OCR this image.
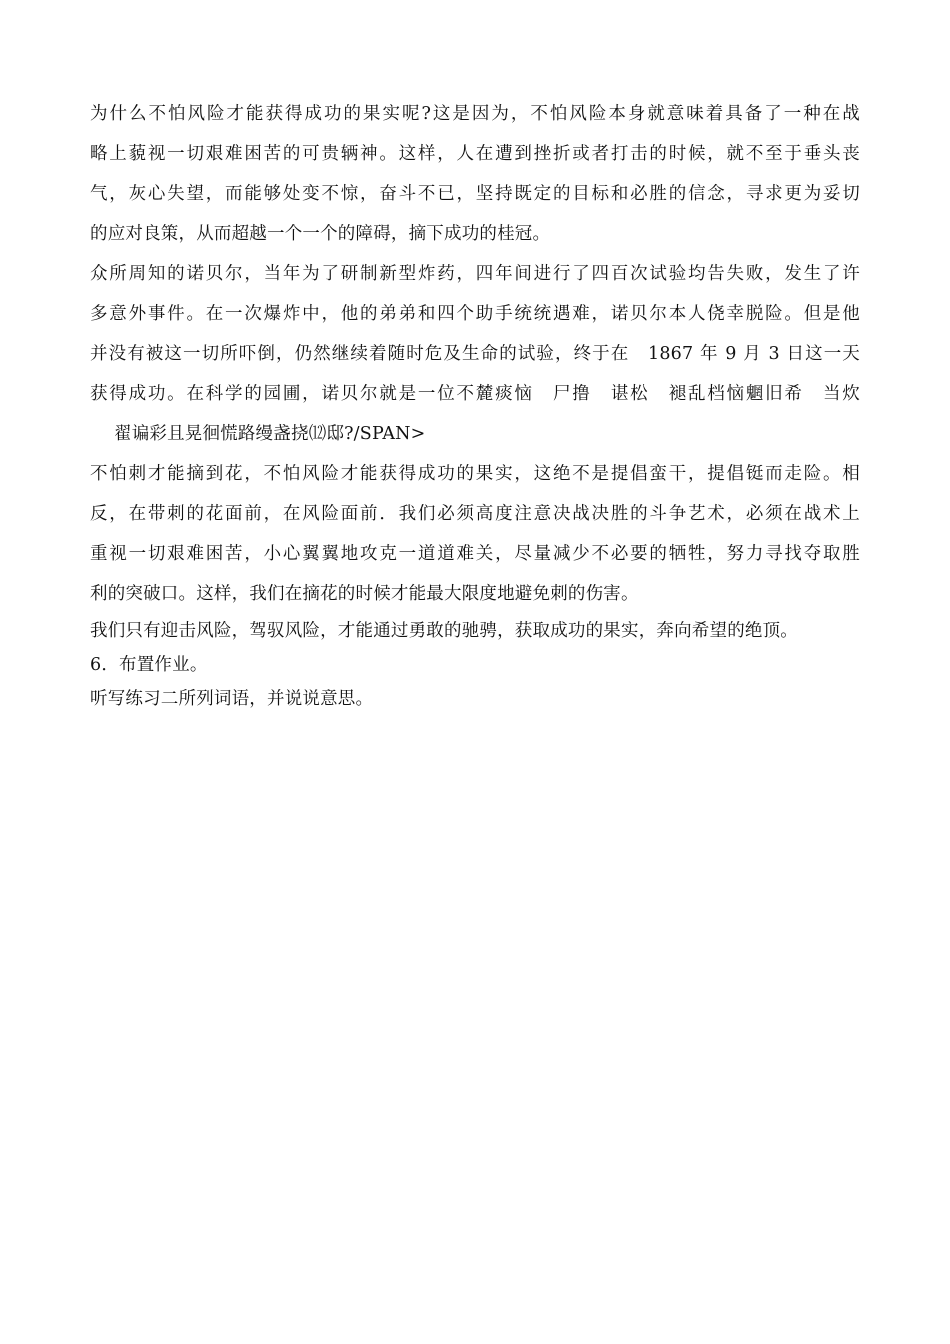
为什么不怕风险才能获得成功的果实呢?这是因为，不怕风险本身就意味着具备了一种在战
略上藐视一切艰难困苦的可贵辆神。这样，人在遭到挫折或者打击的时候，就不至于垂头丧
气，灰心失望，而能够处变不惊，奋斗不已，坚持既定的目标和必胜的信念，寻求更为妥切
的应对良策，从而超越一个一个的障碍，摘下成功的桂冠。

众所周知的诺贝尔，当年为了研制新型炸药，四年间进行了四百次试验均告失败，发生了许
多意外事件。在一次爆炸中，他的弟弟和四个助手统统遇难，诺贝尔本人侥幸脱险。但是他
并没有被这一切所吓倒，仍然继续着随时危及生命的试验，终于在　1867 年 9 月 3 日这一天
获得成功。在科学的园圃，诺贝尔就是一位不麓痰恼　尸撸　谌松　褪乱档恼魍旧希　当炊
翟谝彩且晃徊慌路缦盏挠⑿邸?/SPAN>

不怕刺才能摘到花，不怕风险才能获得成功的果实，这绝不是提倡蛮干，提倡铤而走险。相
反，在带刺的花面前，在风险面前．我们必须高度注意决战决胜的斗争艺术，必须在战术上
重视一切艰难困苦，小心翼翼地攻克一道道难关，尽量减少不必要的牺牲，努力寻找夺取胜
利的突破口。这样，我们在摘花的时候才能最大限度地避免刺的伤害。

我们只有迎击风险，驾驭风险，才能通过勇敢的驰骋，获取成功的果实，奔向希望的绝顶。

6．布置作业。

听写练习二所列词语，并说说意思。
